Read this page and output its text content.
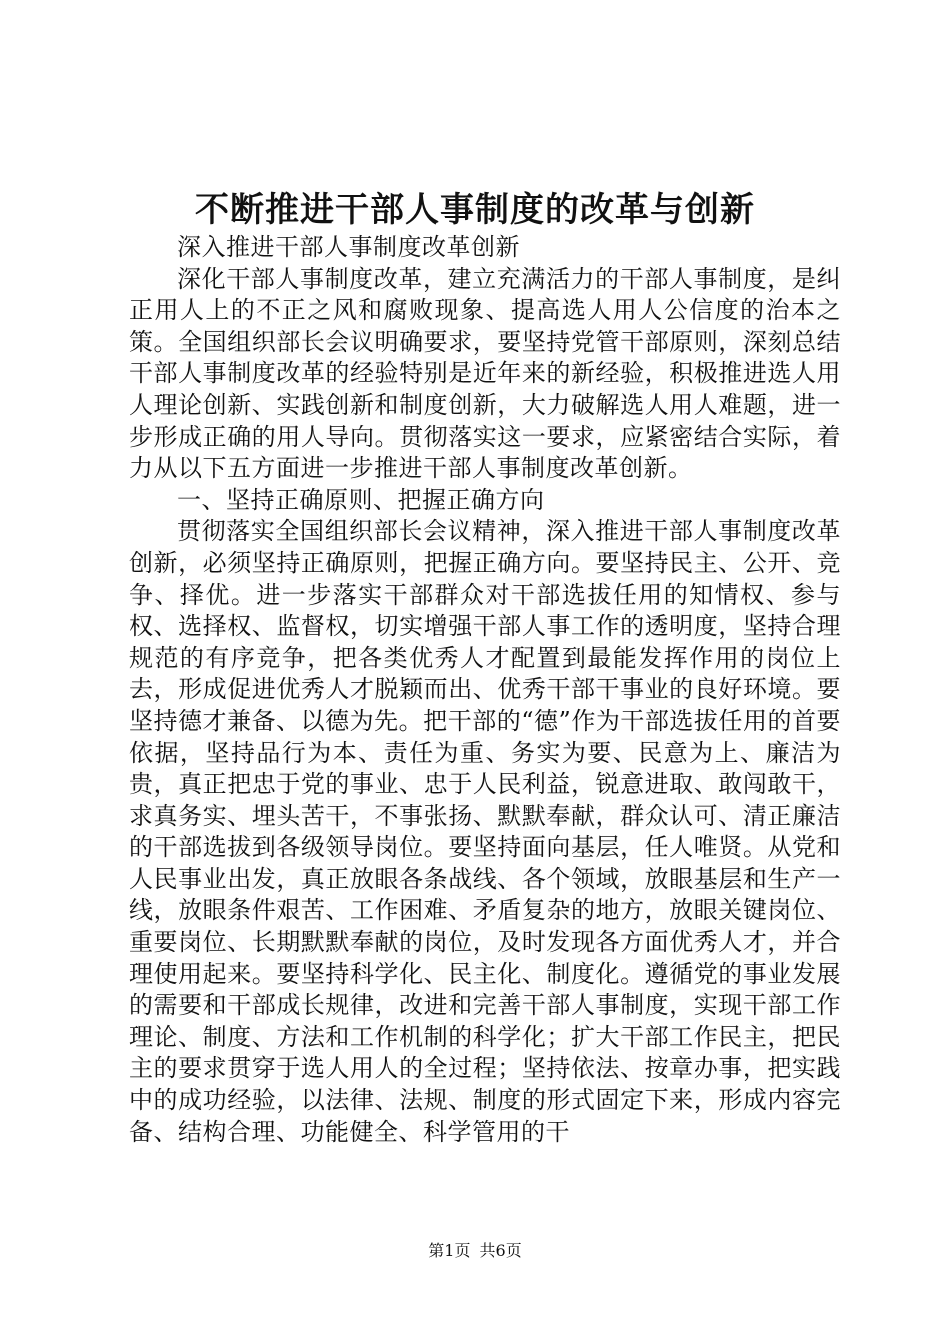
不断推进干部人事制度的改革与创新

深入推进干部人事制度改革创新

深化干部人事制度改革，建立充满活力的干部人事制度，是纠正用人上的不正之风和腐败现象、提高选人用人公信度的治本之策。全国组织部长会议明确要求，要坚持党管干部原则，深刻总结干部人事制度改革的经验特别是近年来的新经验，积极推进选人用人理论创新、实践创新和制度创新，大力破解选人用人难题，进一步形成正确的用人导向。贯彻落实这一要求，应紧密结合实际，着力从以下五方面进一步推进干部人事制度改革创新。

一、坚持正确原则、把握正确方向

贯彻落实全国组织部长会议精神，深入推进干部人事制度改革创新，必须坚持正确原则，把握正确方向。要坚持民主、公开、竞争、择优。进一步落实干部群众对干部选拔任用的知情权、参与权、选择权、监督权，切实增强干部人事工作的透明度，坚持合理规范的有序竞争，把各类优秀人才配置到最能发挥作用的岗位上去，形成促进优秀人才脱颖而出、优秀干部干事业的良好环境。要坚持德才兼备、以德为先。把干部的“德”作为干部选拔任用的首要依据，坚持品行为本、责任为重、务实为要、民意为上、廉洁为贵，真正把忠于党的事业、忠于人民利益，锐意进取、敢闯敢干，求真务实、埋头苦干，不事张扬、默默奉献，群众认可、清正廉洁的干部选拔到各级领导岗位。要坚持面向基层，任人唯贤。从党和人民事业出发，真正放眼各条战线、各个领域，放眼基层和生产一线，放眼条件艰苦、工作困难、矛盾复杂的地方，放眼关键岗位、重要岗位、长期默默奉献的岗位，及时发现各方面优秀人才，并合理使用起来。要坚持科学化、民主化、制度化。遵循党的事业发展的需要和干部成长规律，改进和完善干部人事制度，实现干部工作理论、制度、方法和工作机制的科学化；扩大干部工作民主，把民主的要求贯穿于选人用人的全过程；坚持依法、按章办事，把实践中的成功经验，以法律、法规、制度的形式固定下来，形成内容完备、结构合理、功能健全、科学管用的干

第1页 共6页
